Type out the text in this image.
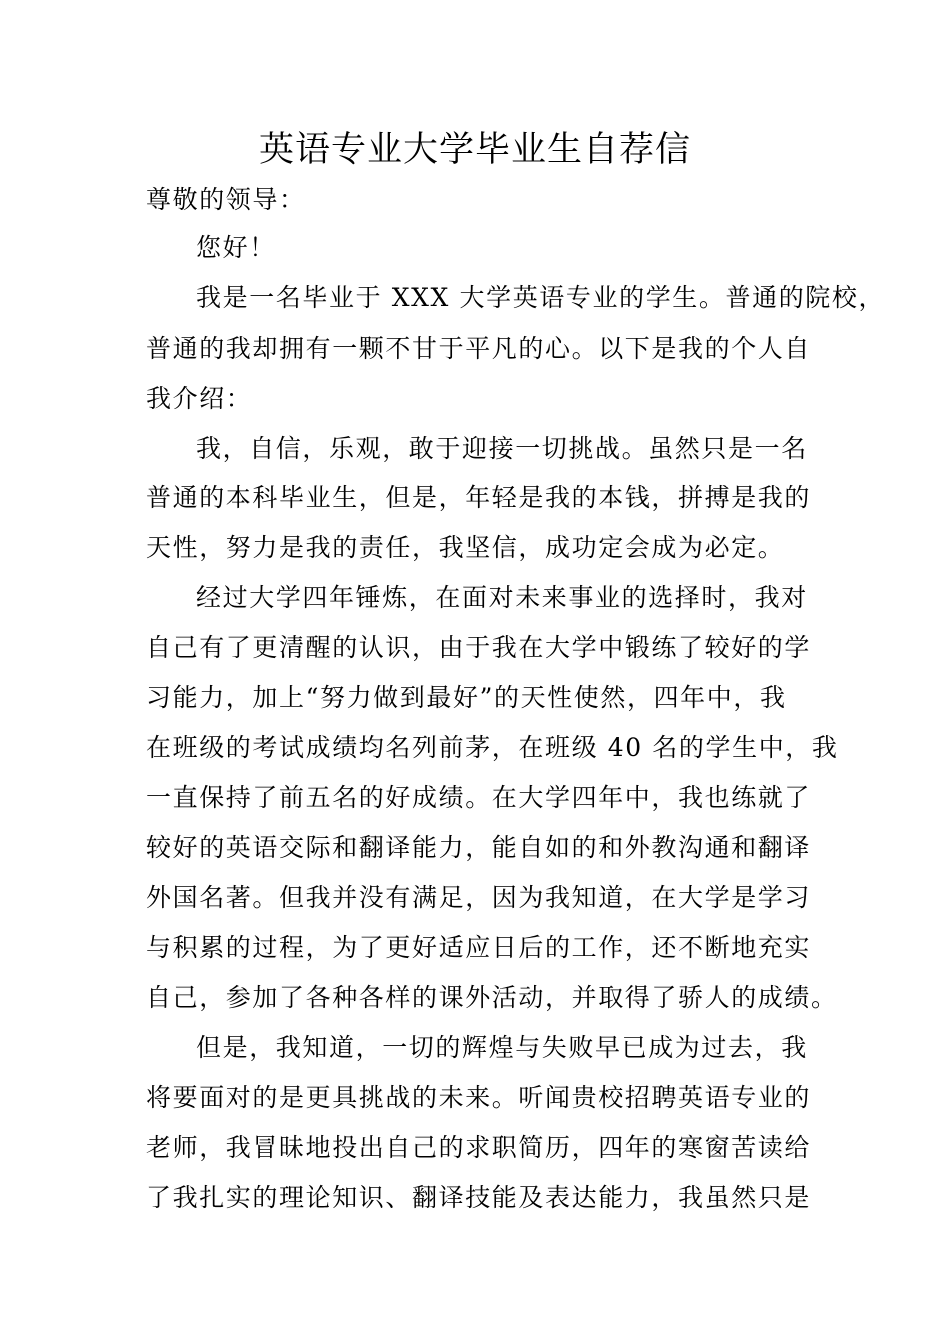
英语专业大学毕业生自荐信
尊敬的领导：
您好！
我是一名毕业于 XXX 大学英语专业的学生。普通的院校，
普通的我却拥有一颗不甘于平凡的心。以下是我的个人自
我介绍：
我，自信，乐观，敢于迎接一切挑战。虽然只是一名
普通的本科毕业生，但是，年轻是我的本钱，拼搏是我的
天性，努力是我的责任，我坚信，成功定会成为必定。
经过大学四年锤炼，在面对未来事业的选择时，我对
自己有了更清醒的认识，由于我在大学中锻练了较好的学
习能力，加上“努力做到最好”的天性使然，四年中，我
在班级的考试成绩均名列前茅，在班级 40 名的学生中，我
一直保持了前五名的好成绩。在大学四年中，我也练就了
较好的英语交际和翻译能力，能自如的和外教沟通和翻译
外国名著。但我并没有满足，因为我知道，在大学是学习
与积累的过程，为了更好适应日后的工作，还不断地充实
自己，参加了各种各样的课外活动，并取得了骄人的成绩。
但是，我知道，一切的辉煌与失败早已成为过去，我
将要面对的是更具挑战的未来。听闻贵校招聘英语专业的
老师，我冒昧地投出自己的求职简历，四年的寒窗苦读给
了我扎实的理论知识、翻译技能及表达能力，我虽然只是
